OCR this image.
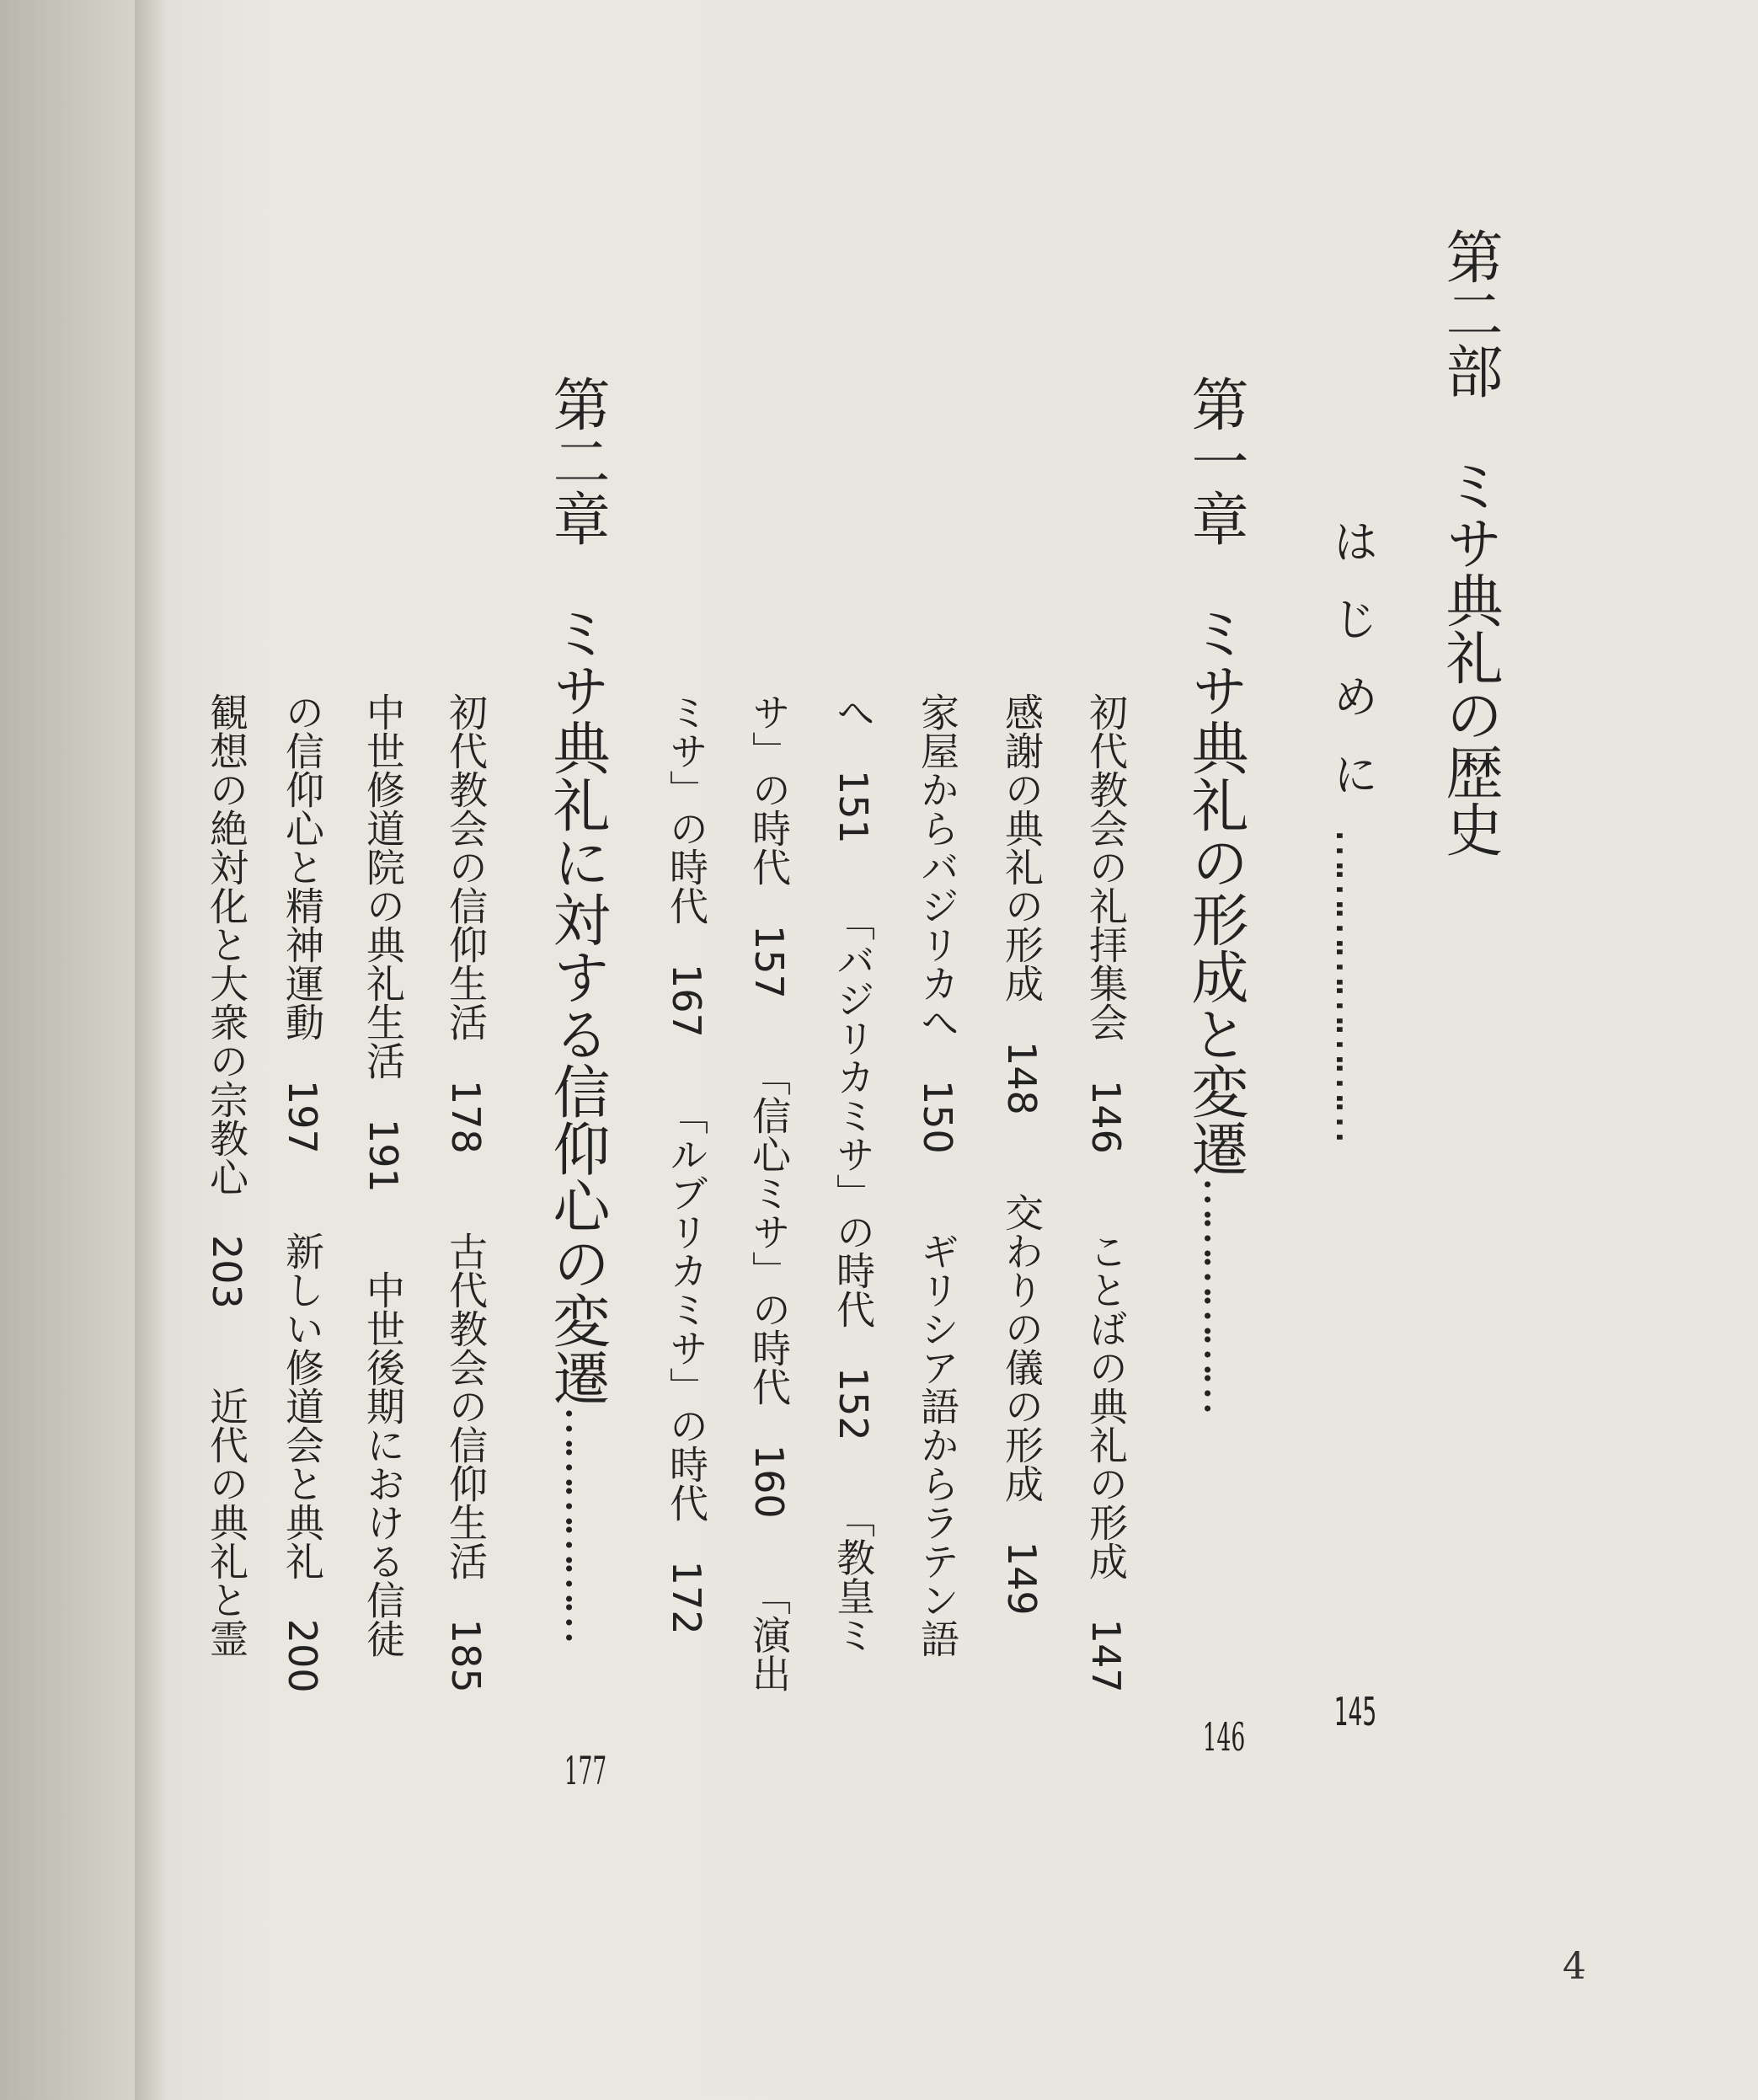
第二部　ミサ典礼の歴史
はじめに
……………………
145
第一章

ミサ典礼の形成と変遷
………………
146
初代教会の礼拝集会　146　　ことばの典礼の形成　147
感謝の典礼の形成　148　　交わりの儀の形成　149
家屋からバジリカへ　150　　ギリシア語からラテン語
へ　151　　「バジリカミサ」の時代　152　　「教皇ミ
サ」の時代　157　　「信心ミサ」の時代　160　　「演出
ミサ」の時代　167　　「ルブリカミサ」の時代　172
第二章

ミサ典礼に対する信仰心の変遷
………………
177
初代教会の信仰生活　178　　古代教会の信仰生活　185
中世修道院の典礼生活　191　　中世後期における信徒
の信仰心と精神運動　197　　新しい修道会と典礼　200
観想の絶対化と大衆の宗教心　203　　近代の典礼と霊
4
